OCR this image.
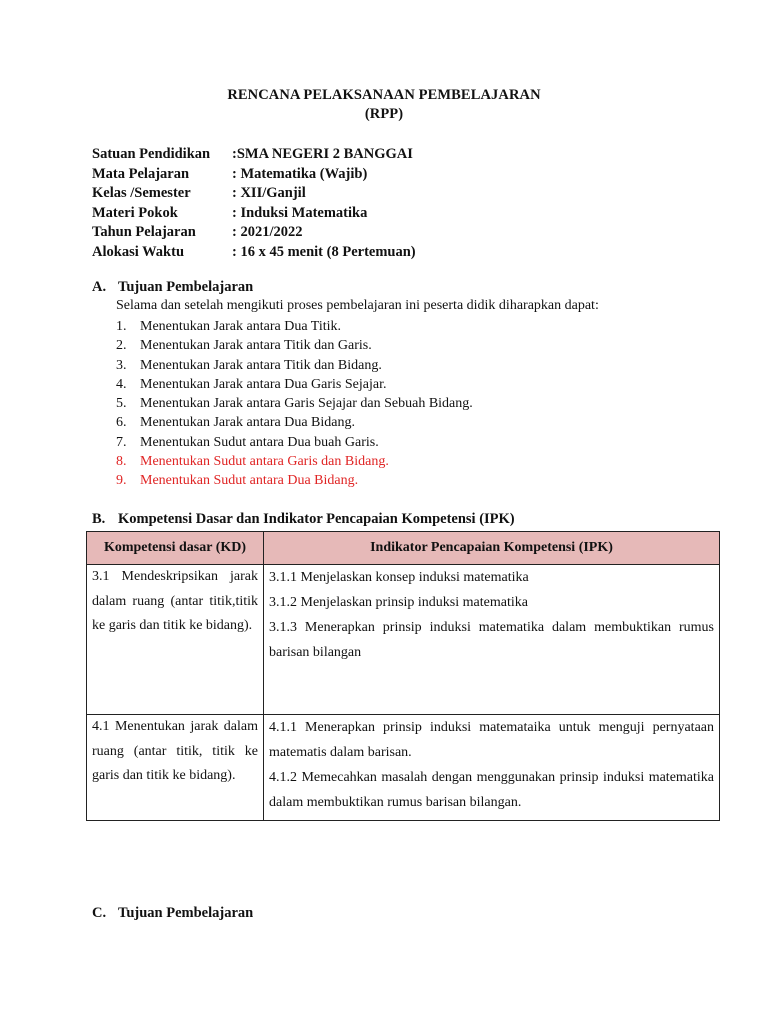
RENCANA PELAKSANAAN PEMBELAJARAN
(RPP)
Satuan Pendidikan	:SMA NEGERI 2 BANGGAI
Mata Pelajaran	: Matematika (Wajib)
Kelas /Semester	: XII/Ganjil
Materi Pokok	: Induksi Matematika
Tahun Pelajaran	: 2021/2022
Alokasi Waktu	: 16 x 45 menit (8 Pertemuan)
A. Tujuan Pembelajaran
Selama dan setelah mengikuti proses pembelajaran ini peserta didik diharapkan dapat:
1. Menentukan Jarak antara Dua Titik.
2. Menentukan Jarak antara Titik dan Garis.
3. Menentukan Jarak antara Titik dan Bidang.
4. Menentukan Jarak antara Dua Garis Sejajar.
5. Menentukan Jarak antara Garis Sejajar dan Sebuah Bidang.
6. Menentukan Jarak antara Dua Bidang.
7. Menentukan Sudut antara Dua buah Garis.
8. Menentukan Sudut antara Garis dan Bidang.
9. Menentukan Sudut antara Dua Bidang.
B. Kompetensi Dasar dan Indikator Pencapaian Kompetensi (IPK)
Kompetensi dasar (KD)	Indikator Pencapaian Kompetensi (IPK)

3.1 Mendeskripsikan jarak dalam ruang (antar titik,titik ke garis dan titik ke bidang).	3.1.1 Menjelaskan konsep induksi matematika
3.1.2 Menjelaskan prinsip induksi matematika
3.1.3 Menerapkan prinsip induksi matematika dalam membuktikan rumus barisan bilangan

4.1 Menentukan jarak dalam ruang (antar titik, titik ke garis dan titik ke bidang).	4.1.1 Menerapkan prinsip induksi matemataika untuk menguji pernyataan matematis dalam barisan.
4.1.2 Memecahkan masalah dengan menggunakan prinsip induksi matematika dalam membuktikan rumus barisan bilangan.
C. Tujuan Pembelajaran
